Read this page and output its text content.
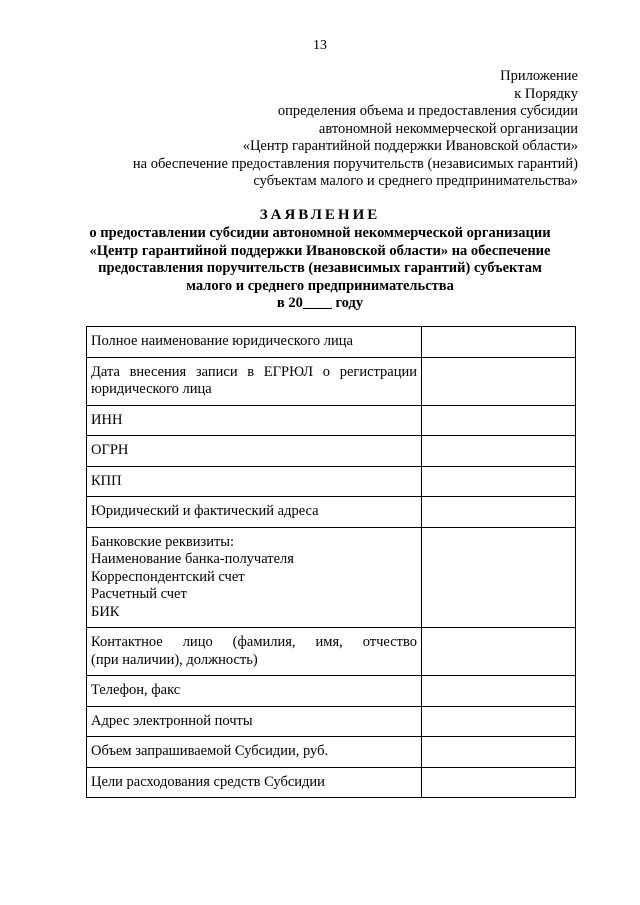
13
Приложение
к Порядку
определения объема и предоставления субсидии
автономной некоммерческой организации
«Центр гарантийной поддержки Ивановской области»
на обеспечение предоставления поручительств (независимых гарантий)
субъектам малого и среднего предпринимательства»
ЗАЯВЛЕНИЕ
о предоставлении субсидии автономной некоммерческой организации
«Центр гарантийной поддержки Ивановской области» на обеспечение
предоставления поручительств (независимых гарантий) субъектам
малого и среднего предпринимательства
в 20____ году
Полное наименование юридического лица	

Дата внесения записи в ЕГРЮЛ о регистрации
юридического лица	

ИНН	

ОГРН	

КПП	

Юридический и фактический адреса	

Банковские реквизиты:
Наименование банка-получателя
Корреспондентский счет
Расчетный счет
БИК	

Контактное лицо (фамилия, имя, отчество
(при наличии), должность)	

Телефон, факс	

Адрес электронной почты	

Объем запрашиваемой Субсидии, руб.	

Цели расходования средств Субсидии	
